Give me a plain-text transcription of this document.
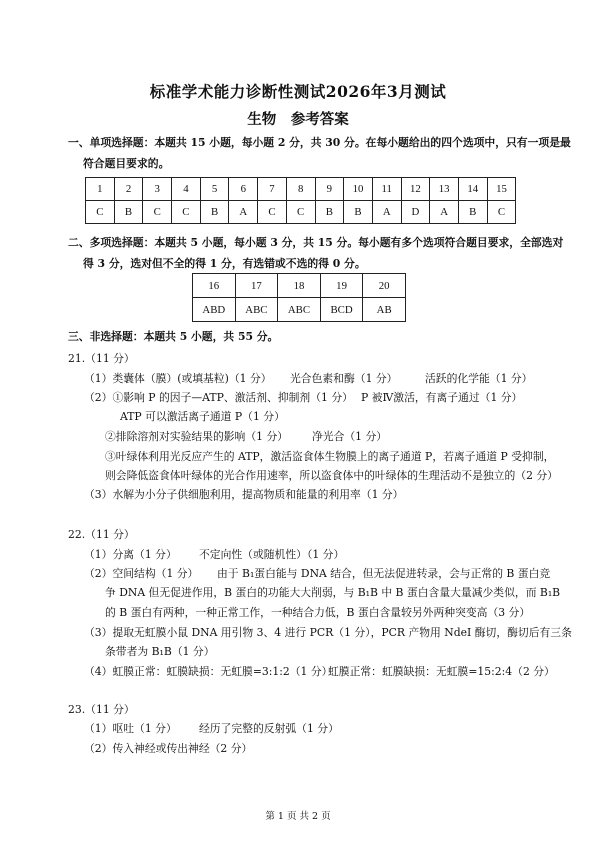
标准学术能力诊断性测试2026年3月测试
生物　参考答案
一、单项选择题：本题共 15 小题，每小题 2 分，共 30 分。在每小题给出的四个选项中，只有一项是最
符合题目要求的。
1	2	3	4	5	6	7	8	9	10	11	12	13	14	15
C	B	C	C	B	A	C	C	B	B	A	D	A	B	C
二、多项选择题：本题共 5 小题，每小题 3 分，共 15 分。每小题有多个选项符合题目要求，全部选对
得 3 分，选对但不全的得 1 分，有选错或不选的得 0 分。
16	17	18	19	20
ABD	ABC	ABC	BCD	AB
三、非选择题：本题共 5 小题，共 55 分。
21.（11 分）
（1）类囊体（膜）(或填基粒)（1 分） 光合色素和酶（1 分）	活跃的化学能（1 分）
（2）①影响 P 的因子—ATP、激活剂、抑制剂（1 分） P 被Ⅳ激活，有离子通过（1 分）
ATP 可以激活离子通道 P（1 分）
②排除溶剂对实验结果的影响（1 分） 净光合（1 分）
③叶绿体利用光反应产生的 ATP，激活盗食体生物膜上的离子通道 P，若离子通道 P 受抑制，
则会降低盗食体叶绿体的光合作用速率，所以盗食体中的叶绿体的生理活动不是独立的（2 分）
（3）水解为小分子供细胞利用，提高物质和能量的利用率（1 分）
22.（11 分）
（1）分离（1 分） 不定向性（或随机性）（1 分）
（2）空间结构（1 分） 由于 B₁蛋白能与 DNA 结合，但无法促进转录，会与正常的 B 蛋白竞
争 DNA 但无促进作用，B 蛋白的功能大大削弱，与 B₁B 中 B 蛋白含量大量减少类似，而 B₁B
的 B 蛋白有两种，一种正常工作，一种结合力低，B 蛋白含量较另外两种突变高（3 分）
（3）提取无虹膜小鼠 DNA 用引物 3、4 进行 PCR（1 分），PCR 产物用 NdeⅠ 酶切，酶切后有三条
条带者为 B₁B（1 分）
（4）虹膜正常：虹膜缺损：无虹膜=3:1:2（1 分）
虹膜正常：虹膜缺损：无虹膜=15:2:4（2 分）
23.（11 分）
（1）呕吐（1 分） 经历了完整的反射弧（1 分）
（2）传入神经或传出神经（2 分）
第 1 页 共 2 页
